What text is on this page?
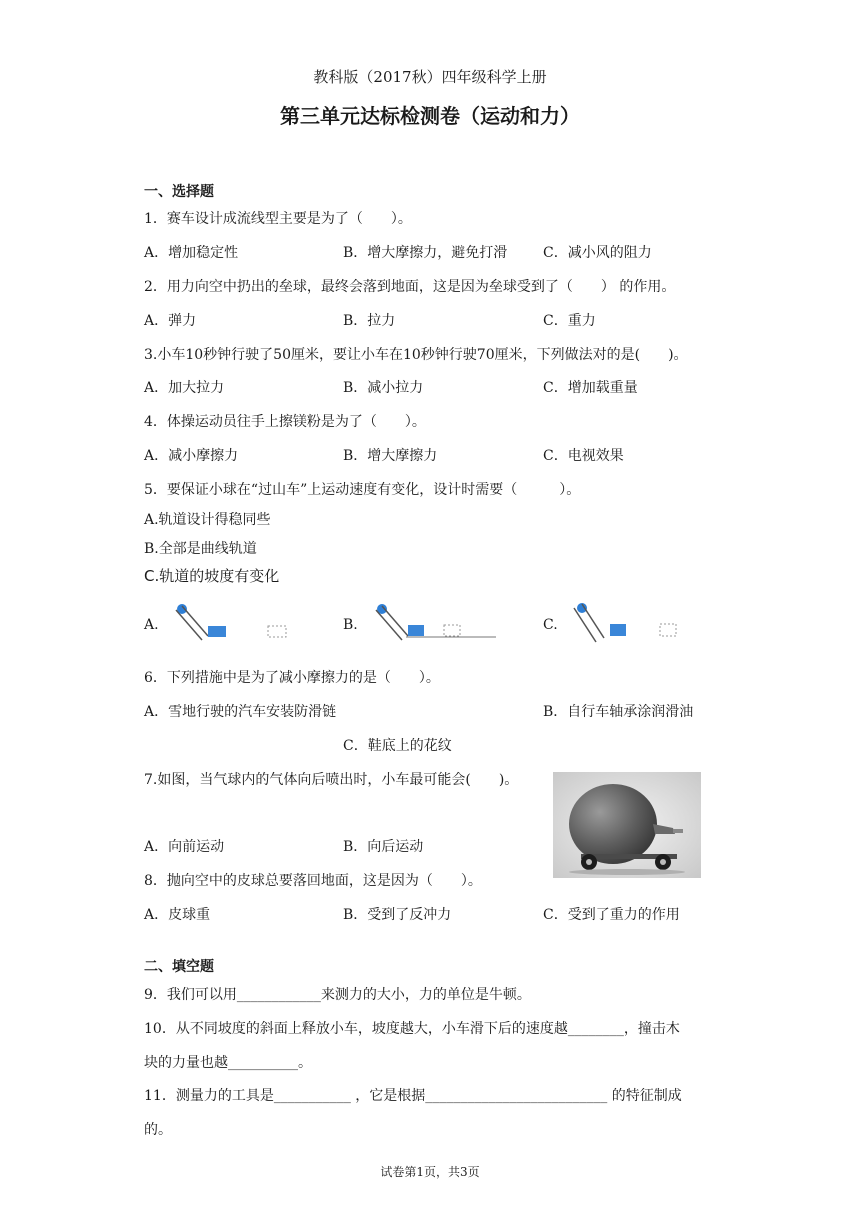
教科版（2017秋）四年级科学上册
第三单元达标检测卷（运动和力）
一、选择题
1．赛车设计成流线型主要是为了（　　）。
A．增加稳定性	B．增大摩擦力，避免打滑	C．减小风的阻力
2．用力向空中扔出的垒球，最终会落到地面，这是因为垒球受到了（　　） 的作用。
A．弹力	B．拉力	C．重力
3.小车10秒钟行驶了50厘米，要让小车在10秒钟行驶70厘米，下列做法对的是(　　)。
A．加大拉力	B．减小拉力	C．增加载重量
4．体操运动员往手上擦镁粉是为了（　　）。
A．减小摩擦力	B．增大摩擦力	C．电视效果
5．要保证小球在“过山车”上运动速度有变化，设计时需要（　　　）。
A.轨道设计得稳同些
B.全部是曲线轨道
C.轨道的坡度有变化
A.	B.	C.
6．下列措施中是为了减小摩擦力的是（　　）。
A．雪地行驶的汽车安装防滑链	B．自行车轴承涂润滑油
C．鞋底上的花纹
7.如图，当气球内的气体向后喷出时，小车最可能会(　　)。
A．向前运动	B．向后运动
8．抛向空中的皮球总要落回地面，这是因为（　　）。
A．皮球重	B．受到了反冲力	C．受到了重力的作用
二、填空题
9．我们可以用____________来测力的大小，力的单位是牛顿。
10．从不同坡度的斜面上释放小车，坡度越大，小车滑下后的速度越________，撞击木
块的力量也越__________。
11．测量力的工具是___________ ，它是根据__________________________ 的特征制成
的。
试卷第1页，共3页
